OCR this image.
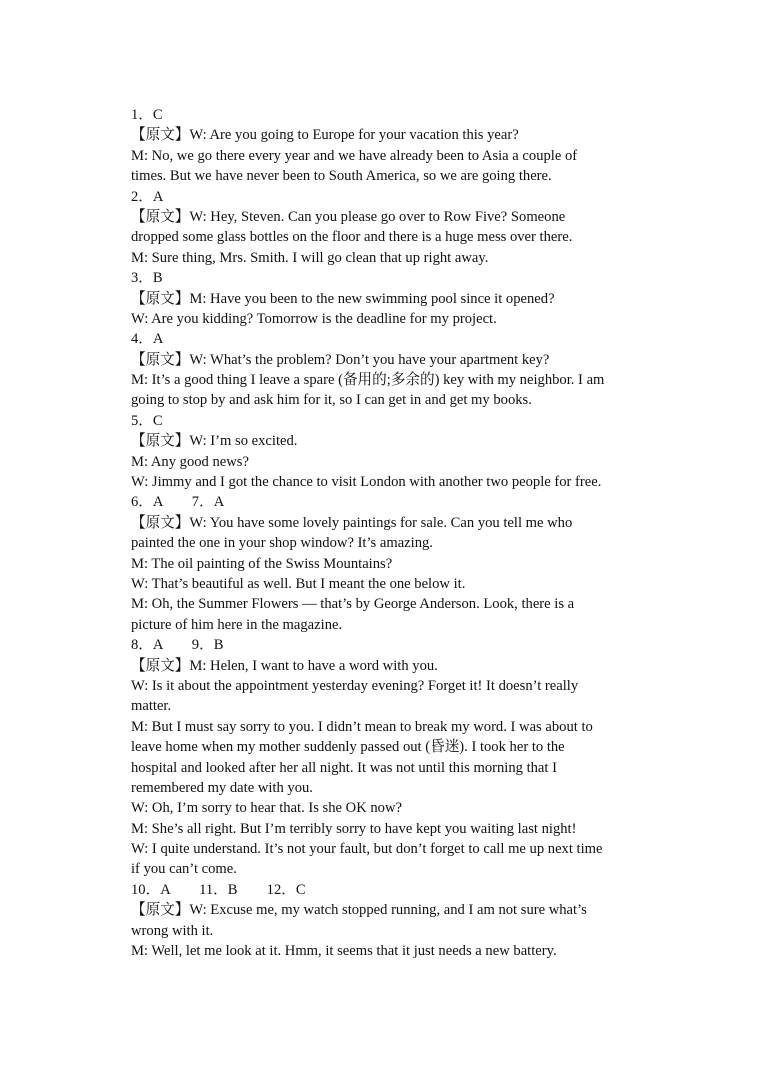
1．C
【原文】W: Are you going to Europe for your vacation this year?
M: No, we go there every year and we have already been to Asia a couple of
times. But we have never been to South America, so we are going there.
2．A
【原文】W: Hey, Steven. Can you please go over to Row Five? Someone
dropped some glass bottles on the floor and there is a huge mess over there.
M: Sure thing, Mrs. Smith. I will go clean that up right away.
3．B
【原文】M: Have you been to the new swimming pool since it opened?
W: Are you kidding? Tomorrow is the deadline for my project.
4．A
【原文】W: What’s the problem? Don’t you have your apartment key?
M: It’s a good thing I leave a spare (备用的;多余的) key with my neighbor. I am
going to stop by and ask him for it, so I can get in and get my books.
5．C
【原文】W: I’m so excited.
M: Any good news?
W: Jimmy and I got the chance to visit London with another two people for free.
6．A　　7．A
【原文】W: You have some lovely paintings for sale. Can you tell me who
painted the one in your shop window? It’s amazing.
M: The oil painting of the Swiss Mountains?
W: That’s beautiful as well. But I meant the one below it.
M: Oh, the Summer Flowers — that’s by George Anderson. Look, there is a
picture of him here in the magazine.
8．A　　9．B
【原文】M: Helen, I want to have a word with you.
W: Is it about the appointment yesterday evening? Forget it! It doesn’t really
matter.
M: But I must say sorry to you. I didn’t mean to break my word. I was about to
leave home when my mother suddenly passed out (昏迷). I took her to the
hospital and looked after her all night. It was not until this morning that I
remembered my date with you.
W: Oh, I’m sorry to hear that. Is she OK now?
M: She’s all right. But I’m terribly sorry to have kept you waiting last night!
W: I quite understand. It’s not your fault, but don’t forget to call me up next time
if you can’t come.
10．A　　11．B　　12．C
【原文】W: Excuse me, my watch stopped running, and I am not sure what’s
wrong with it.
M: Well, let me look at it. Hmm, it seems that it just needs a new battery.
